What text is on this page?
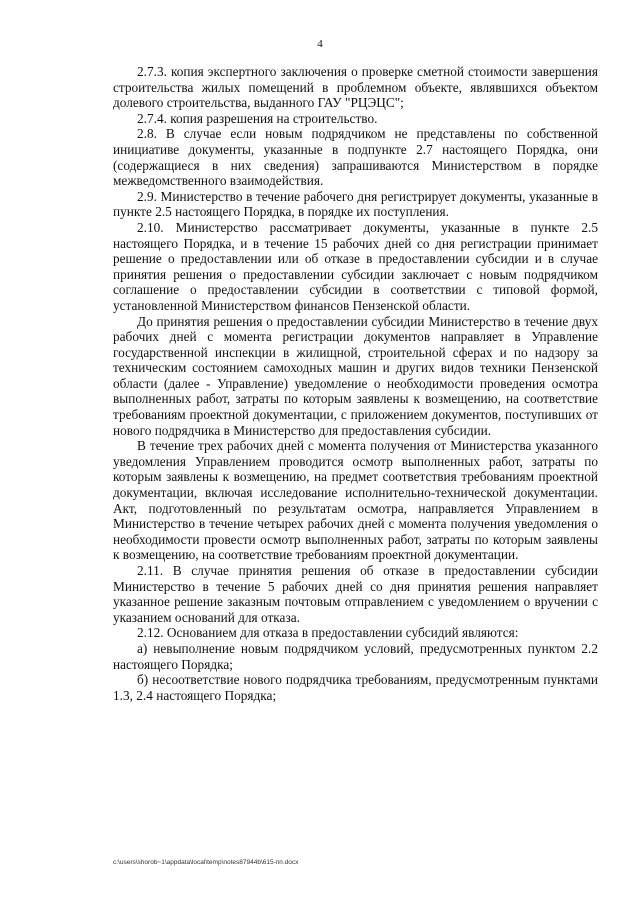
4

2.7.3. копия экспертного заключения о проверке сметной стоимости завершения строительства жилых помещений в проблемном объекте, являвшихся объектом долевого строительства, выданного ГАУ "РЦЭЦС";

2.7.4. копия разрешения на строительство.

2.8. В случае если новым подрядчиком не представлены по собственной инициативе документы, указанные в подпункте 2.7 настоящего Порядка, они (содержащиеся в них сведения) запрашиваются Министерством в порядке межведомственного взаимодействия.

2.9. Министерство в течение рабочего дня регистрирует документы, указанные в пункте 2.5 настоящего Порядка, в порядке их поступления.

2.10. Министерство рассматривает документы, указанные в пункте 2.5 настоящего Порядка, и в течение 15 рабочих дней со дня регистрации принимает решение о предоставлении или об отказе в предоставлении субсидии и в случае принятия решения о предоставлении субсидии заключает с новым подрядчиком соглашение о предоставлении субсидии в соответствии с типовой формой, установленной Министерством финансов Пензенской области.

До принятия решения о предоставлении субсидии Министерство в течение двух рабочих дней с момента регистрации документов направляет в Управление государственной инспекции в жилищной, строительной сферах и по надзору за техническим состоянием самоходных машин и других видов техники Пензенской области (далее - Управление) уведомление о необходимости проведения осмотра выполненных работ, затраты по которым заявлены к возмещению, на соответствие требованиям проектной документации, с приложением документов, поступивших от нового подрядчика в Министерство для предоставления субсидии.

В течение трех рабочих дней с момента получения от Министерства указанного уведомления Управлением проводится осмотр выполненных работ, затраты по которым заявлены к возмещению, на предмет соответствия требованиям проектной документации, включая исследование исполнительно-технической документации. Акт, подготовленный по результатам осмотра, направляется Управлением в Министерство в течение четырех рабочих дней с момента получения уведомления о необходимости провести осмотр выполненных работ, затраты по которым заявлены к возмещению, на соответствие требованиям проектной документации.

2.11. В случае принятия решения об отказе в предоставлении субсидии Министерство в течение 5 рабочих дней со дня принятия решения направляет указанное решение заказным почтовым отправлением с уведомлением о вручении с указанием оснований для отказа.

2.12. Основанием для отказа в предоставлении субсидий являются:

а) невыполнение новым подрядчиком условий, предусмотренных пунктом 2.2 настоящего Порядка;

б) несоответствие нового подрядчика требованиям, предусмотренным пунктами 1.3, 2.4 настоящего Порядка;

c:\users\shorob~1\appdata\local\temp\notes87944b\615-пп.docx
